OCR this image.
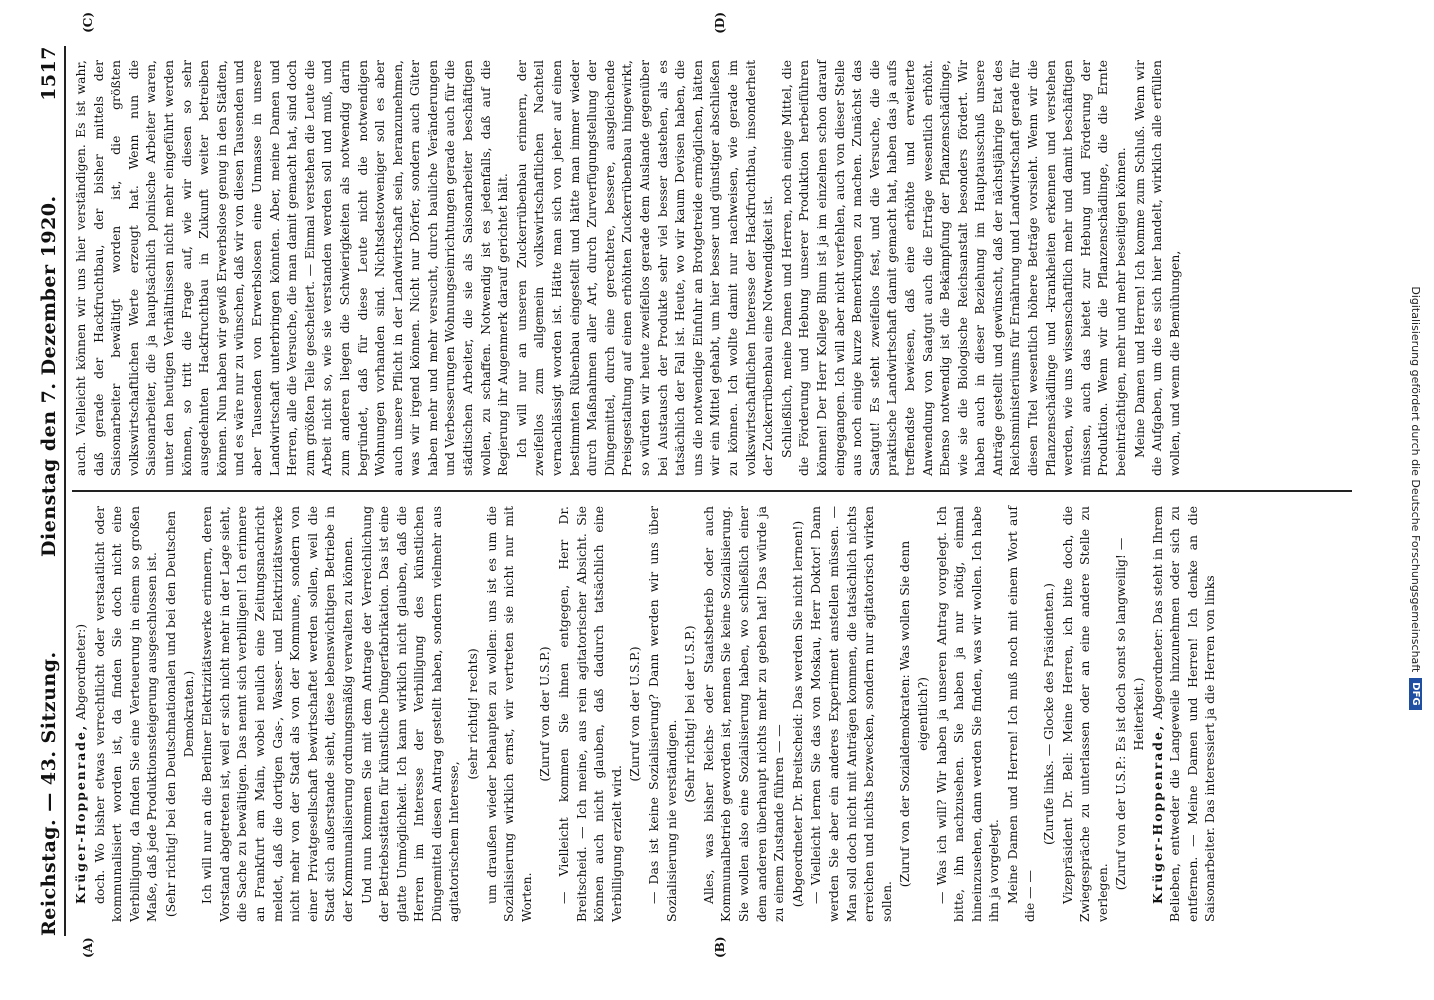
Reichstag. — 43. Sitzung.
Dienstag den 7. Dezember 1920.
1517
(A)	(B)

Krüger-Hoppenrade, Abgeordneter:) doch. Wo bisher etwas verrechtlicht oder verstaatlicht oder kommunalisiert worden ist, da finden Sie doch nicht eine Verbilligung, da finden Sie eine Verteuerung in einem so großen Maße, daß jede Produktionssteigerung ausgeschlossen ist. (Sehr richtig! bei den Deutschnationalen und bei den Deutschen Demokraten.) Ich will nur an die Berliner Elektrizitätswerke erinnern, deren Vorstand abgetreten ist, weil er sich nicht mehr in der Lage sieht, die Sache zu bewältigen. Das nennt sich verbilligen! Ich erinnere an Frankfurt am Main, wobei neulich eine Zeitungsnachricht meldet, daß die dortigen Gas-, Wasser- und Elektrizitätswerke nicht mehr von der Stadt als von der Kommune, sondern von einer Privatgesellschaft bewirtschaftet werden sollen, weil die Stadt sich außerstande sieht, diese lebenswichtigen Betriebe in der Kommunalisierung ordnungsmäßig verwalten zu können. Und nun kommen Sie mit dem Antrage der Verreichlichung der Betriebsstätten für künstliche Düngerfabrikation. Das ist eine glatte Unmöglichkeit. Ich kann wirklich nicht glauben, daß die Herren im Interesse der Verbilligung des künstlichen Düngemittel diesen Antrag gestellt haben, sondern vielmehr aus agitatorischem Interesse,

(sehr richtig! rechts) um draußen wieder behaupten zu wollen: uns ist es um die Sozialisierung wirklich ernst, wir vertreten sie nicht nur mit Worten.

(Zuruf von der U.S.P.) — Vielleicht kommen Sie ihnen entgegen, Herr Dr. Breitscheid. — Ich meine, aus rein agitatorischer Absicht. Sie können auch nicht glauben, daß dadurch tatsächlich eine Verbilligung erzielt wird.

(Zuruf von der U.S.P.) — Das ist keine Sozialisierung? Dann werden wir uns über Sozialisierung nie verständigen.

(Sehr richtig! bei der U.S.P.) Alles, was bisher Reichs- oder Staatsbetrieb oder auch Kommunalbetrieb geworden ist, nennen Sie keine Sozialisierung. Sie wollen also eine Sozialisierung haben, wo schließlich einer dem anderen überhaupt nichts mehr zu geben hat! Das würde ja zu einem Zustande führen — — (Abgeordneter Dr. Breitscheid: Das werden Sie nicht lernen!) — Vielleicht lernen Sie das von Moskau, Herr Doktor! Dann werden Sie aber ein anderes Experiment anstellen müssen. — Man soll doch nicht mit Anträgen kommen, die tatsächlich nichts erreichen und nichts bezwecken, sondern nur agitatorisch wirken sollen.

(Zuruf von der Sozialdemokraten: Was wollen Sie denn eigentlich?) — Was ich will? Wir haben ja unseren Antrag vorgelegt. Ich bitte, ihn nachzusehen. Sie haben ja nur nötig, einmal hineinzusehen, dann werden Sie finden, was wir wollen. Ich habe ihn ja vorgelegt. Meine Damen und Herren! Ich muß noch mit einem Wort auf die — —

(Zurufe links. — Glocke des Präsidenten.) Vizepräsident Dr. Bell: Meine Herren, ich bitte doch, die Zwiegespräche zu unterlassen oder an eine andere Stelle zu verlegen.

(Zuruf von der U.S.P.: Es ist doch sonst so langweilig! — Heiterkeit.)

Krüger-Hoppenrade, Abgeordneter: Das steht in Ihrem Belieben, entweder die Langeweile hinzunehmen oder sich zu entfernen. — Meine Damen und Herren! Ich denke an die Saisonarbeiter. Das interessiert ja die Herren von links

(C)	(D)

auch. Vielleicht können wir uns hier verständigen. Es ist wahr, daß gerade der Hackfruchtbau, der bisher mittels der Saisonarbeiter bewältigt worden ist, die größten volkswirtschaftlichen Werte erzeugt hat. Wenn nun die Saisonarbeiter, die ja hauptsächlich polnische Arbeiter waren, unter den heutigen Verhältnissen nicht mehr eingeführt werden können, so tritt die Frage auf, wie wir diesen so sehr ausgedehnten Hackfruchtbau in Zukunft weiter betreiben können. Nun haben wir gewiß Erwerbslose genug in den Städten, und es wäre nur zu wünschen, daß wir von diesen Tausenden und aber Tausenden von Erwerbslosen eine Unmasse in unsere Landwirtschaft unterbringen könnten. Aber, meine Damen und Herren, alle die Versuche, die man damit gemacht hat, sind doch zum größten Teile gescheitert. — Einmal verstehen die Leute die Arbeit nicht so, wie sie verstanden werden soll und muß, und zum anderen liegen die Schwierigkeiten als notwendig darin begründet, daß für diese Leute nicht die notwendigen Wohnungen vorhanden sind. Nichtsdestoweniger soll es aber auch unsere Pflicht in der Landwirtschaft sein, heranzunehmen, was wir irgend können. Nicht nur Dörfer, sondern auch Güter haben mehr und mehr versucht, durch bauliche Veränderungen und Verbesserungen Wohnungseinrichtungen gerade auch für die städtischen Arbeiter, die sie als Saisonarbeiter beschäftigen wollen, zu schaffen. Notwendig ist es jedenfalls, daß auf die Regierung ihr Augenmerk darauf gerichtet hält. Ich will nur an unseren Zuckerrübenbau erinnern, der zweifellos zum allgemein volkswirtschaftlichen Nachteil vernachlässigt worden ist. Hätte man sich von jeher auf einen bestimmten Rübenbau eingestellt und hätte man immer wieder durch Maßnahmen aller Art, durch Zurverfügungstellung der Düngemittel, durch eine gerechtere, bessere, ausgleichende Preisgestaltung auf einen erhöhten Zuckerrübenbau hingewirkt, so würden wir heute zweifellos gerade dem Auslande gegenüber bei Austausch der Produkte sehr viel besser dastehen, als es tatsächlich der Fall ist. Heute, wo wir kaum Devisen haben, die uns die notwendige Einfuhr an Brotgetreide ermöglichen, hätten wir ein Mittel gehabt, um hier besser und günstiger abschließen zu können. Ich wollte damit nur nachweisen, wie gerade im volkswirtschaftlichen Interesse der Hackfruchtbau, insonderheit der Zuckerrübenbau eine Notwendigkeit ist. Schließlich, meine Damen und Herren, noch einige Mittel, die die Förderung und Hebung unserer Produktion herbeiführen können! Der Herr Kollege Blum ist ja im einzelnen schon darauf eingegangen. Ich will aber nicht verfehlen, auch von dieser Stelle aus noch einige kurze Bemerkungen zu machen. Zunächst das Saatgut! Es steht zweifellos fest, und die Versuche, die die praktische Landwirtschaft damit gemacht hat, haben das ja aufs treffendste bewiesen, daß eine erhöhte und erweiterte Anwendung von Saatgut auch die Erträge wesentlich erhöht. Ebenso notwendig ist die Bekämpfung der Pflanzenschädlinge, wie sie die Biologische Reichsanstalt besonders fördert. Wir haben auch in dieser Beziehung im Hauptausschuß unsere Anträge gestellt und gewünscht, daß der nächstjährige Etat des Reichsministeriums für Ernährung und Landwirtschaft gerade für diesen Titel wesentlich höhere Beträge vorsieht. Wenn wir die Pflanzenschädlinge und -krankheiten erkennen und verstehen werden, wie uns wissenschaftlich mehr und damit beschäftigen müssen, auch das bietet zur Hebung und Förderung der Produktion. Wenn wir die Pflanzenschädlinge, die die Ernte beeinträchtigen, mehr und mehr beseitigen können. Meine Damen und Herren! Ich komme zum Schluß. Wenn wir die Aufgaben, um die es sich hier handelt, wirklich alle erfüllen wollen, und wenn die Bemühungen,	Digitalisierung gefördert durch die Deutsche Forschungsgemeinschaft
DFG
